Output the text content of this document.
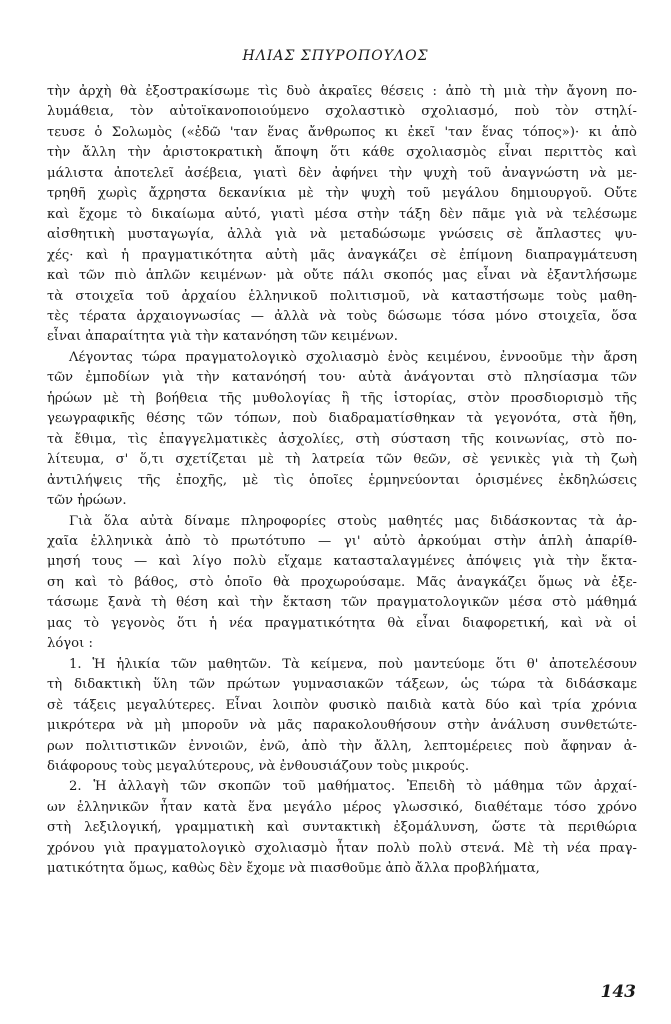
ΗΛΙΑΣ ΣΠΥΡΟΠΟΥΛΟΣ

τὴν ἀρχὴ θὰ ἐξοστρακίσωμε τὶς δυὸ ἀκραῖες θέσεις : ἀπὸ τὴ μιὰ τὴν ἄγονη πο-
λυμάθεια, τὸν αὐτοϊκανοποιούμενο σχολαστικὸ σχολιασμό, ποὺ τὸν στηλί-
τευσε ὁ Σολωμὸς («ἐδῶ 'ταν ἕνας ἄνθρωπος κι ἐκεῖ 'ταν ἕνας τόπος»)· κι ἀπὸ
τὴν ἄλλη τὴν ἀριστοκρατικὴ ἄποψη ὅτι κάθε σχολιασμὸς εἶναι περιττὸς καὶ
μάλιστα ἀποτελεῖ ἀσέβεια, γιατὶ δὲν ἀφήνει τὴν ψυχὴ τοῦ ἀναγνώστη νὰ με-
τρηθῆ χωρὶς ἄχρηστα δεκανίκια μὲ τὴν ψυχὴ τοῦ μεγάλου δημιουργοῦ. Οὔτε
καὶ ἔχομε τὸ δικαίωμα αὐτό, γιατὶ μέσα στὴν τάξη δὲν πᾶμε γιὰ νὰ τελέσωμε
αἰσθητικὴ μυσταγωγία, ἀλλὰ γιὰ νὰ μεταδώσωμε γνώσεις σὲ ἄπλαστες ψυ-
χές· καὶ ἡ πραγματικότητα αὐτὴ μᾶς ἀναγκάζει σὲ ἐπίμονη διαπραγμάτευση
καὶ τῶν πιὸ ἁπλῶν κειμένων· μὰ οὔτε πάλι σκοπός μας εἶναι νὰ ἐξαντλήσωμε
τὰ στοιχεῖα τοῦ ἀρχαίου ἑλληνικοῦ πολιτισμοῦ, νὰ καταστήσωμε τοὺς μαθη-
τὲς τέρατα ἀρχαιογνωσίας — ἀλλὰ νὰ τοὺς δώσωμε τόσα μόνο στοιχεῖα, ὅσα
εἶναι ἀπαραίτητα γιὰ τὴν κατανόηση τῶν κειμένων.

Λέγοντας τώρα πραγματολογικὸ σχολιασμὸ ἑνὸς κειμένου, ἐννοοῦμε τὴν ἄρση
τῶν ἐμποδίων γιὰ τὴν κατανόησή του· αὐτὰ ἀνάγονται στὸ πλησίασμα τῶν
ἡρώων μὲ τὴ βοήθεια τῆς μυθολογίας ἢ τῆς ἱστορίας, στὸν προσδιορισμὸ τῆς
γεωγραφικῆς θέσης τῶν τόπων, ποὺ διαδραματίσθηκαν τὰ γεγονότα, στὰ ἤθη,
τὰ ἔθιμα, τὶς ἐπαγγελματικὲς ἀσχολίες, στὴ σύσταση τῆς κοινωνίας, στὸ πο-
λίτευμα, σ' ὅ,τι σχετίζεται μὲ τὴ λατρεία τῶν θεῶν, σὲ γενικὲς γιὰ τὴ ζωὴ
ἀντιλήψεις τῆς ἐποχῆς, μὲ τὶς ὁποῖες ἑρμηνεύονται ὁρισμένες ἐκδηλώσεις
τῶν ἡρώων.

Γιὰ ὅλα αὐτὰ δίναμε πληροφορίες στοὺς μαθητές μας διδάσκοντας τὰ ἀρ-
χαῖα ἑλληνικὰ ἀπὸ τὸ πρωτότυπο — γι' αὐτὸ ἀρκούμαι στὴν ἁπλὴ ἀπαρίθ-
μησή τους — καὶ λίγο πολὺ εἴχαμε κατασταλαγμένες ἀπόψεις γιὰ τὴν ἔκτα-
ση καὶ τὸ βάθος, στὸ ὁποῖο θὰ προχωρούσαμε. Μᾶς ἀναγκάζει ὅμως νὰ ἐξε-
τάσωμε ξανὰ τὴ θέση καὶ τὴν ἔκταση τῶν πραγματολογικῶν μέσα στὸ μάθημά
μας τὸ γεγονὸς ὅτι ἡ νέα πραγματικότητα θὰ εἶναι διαφορετική, καὶ νὰ οἱ
λόγοι :

1. Ἡ ἡλικία τῶν μαθητῶν. Τὰ κείμενα, ποὺ μαντεύομε ὅτι θ' ἀποτελέσουν
τὴ διδακτικὴ ὕλη τῶν πρώτων γυμνασιακῶν τάξεων, ὡς τώρα τὰ διδάσκαμε
σὲ τάξεις μεγαλύτερες. Εἶναι λοιπὸν φυσικὸ παιδιὰ κατὰ δύο καὶ τρία χρόνια
μικρότερα νὰ μὴ μποροῦν νὰ μᾶς παρακολουθήσουν στὴν ἀνάλυση συνθετώτε-
ρων πολιτιστικῶν ἐννοιῶν, ἐνῶ, ἀπὸ τὴν ἄλλη, λεπτομέρειες ποὺ ἄφηναν ἀ-
διάφορους τοὺς μεγαλύτερους, νὰ ἐνθουσιάζουν τοὺς μικρούς.

2. Ἡ ἀλλαγὴ τῶν σκοπῶν τοῦ μαθήματος. Ἐπειδὴ τὸ μάθημα τῶν ἀρχαί-
ων ἑλληνικῶν ἦταν κατὰ ἕνα μεγάλο μέρος γλωσσικό, διαθέταμε τόσο χρόνο
στὴ λεξιλογική, γραμματικὴ καὶ συντακτικὴ ἐξομάλυνση, ὥστε τὰ περιθώρια
χρόνου γιὰ πραγματολογικὸ σχολιασμὸ ἦταν πολὺ πολὺ στενά. Μὲ τὴ νέα πραγ-
ματικότητα ὅμως, καθὼς δὲν ἔχομε νὰ πιασθοῦμε ἀπὸ ἄλλα προβλήματα,

143
